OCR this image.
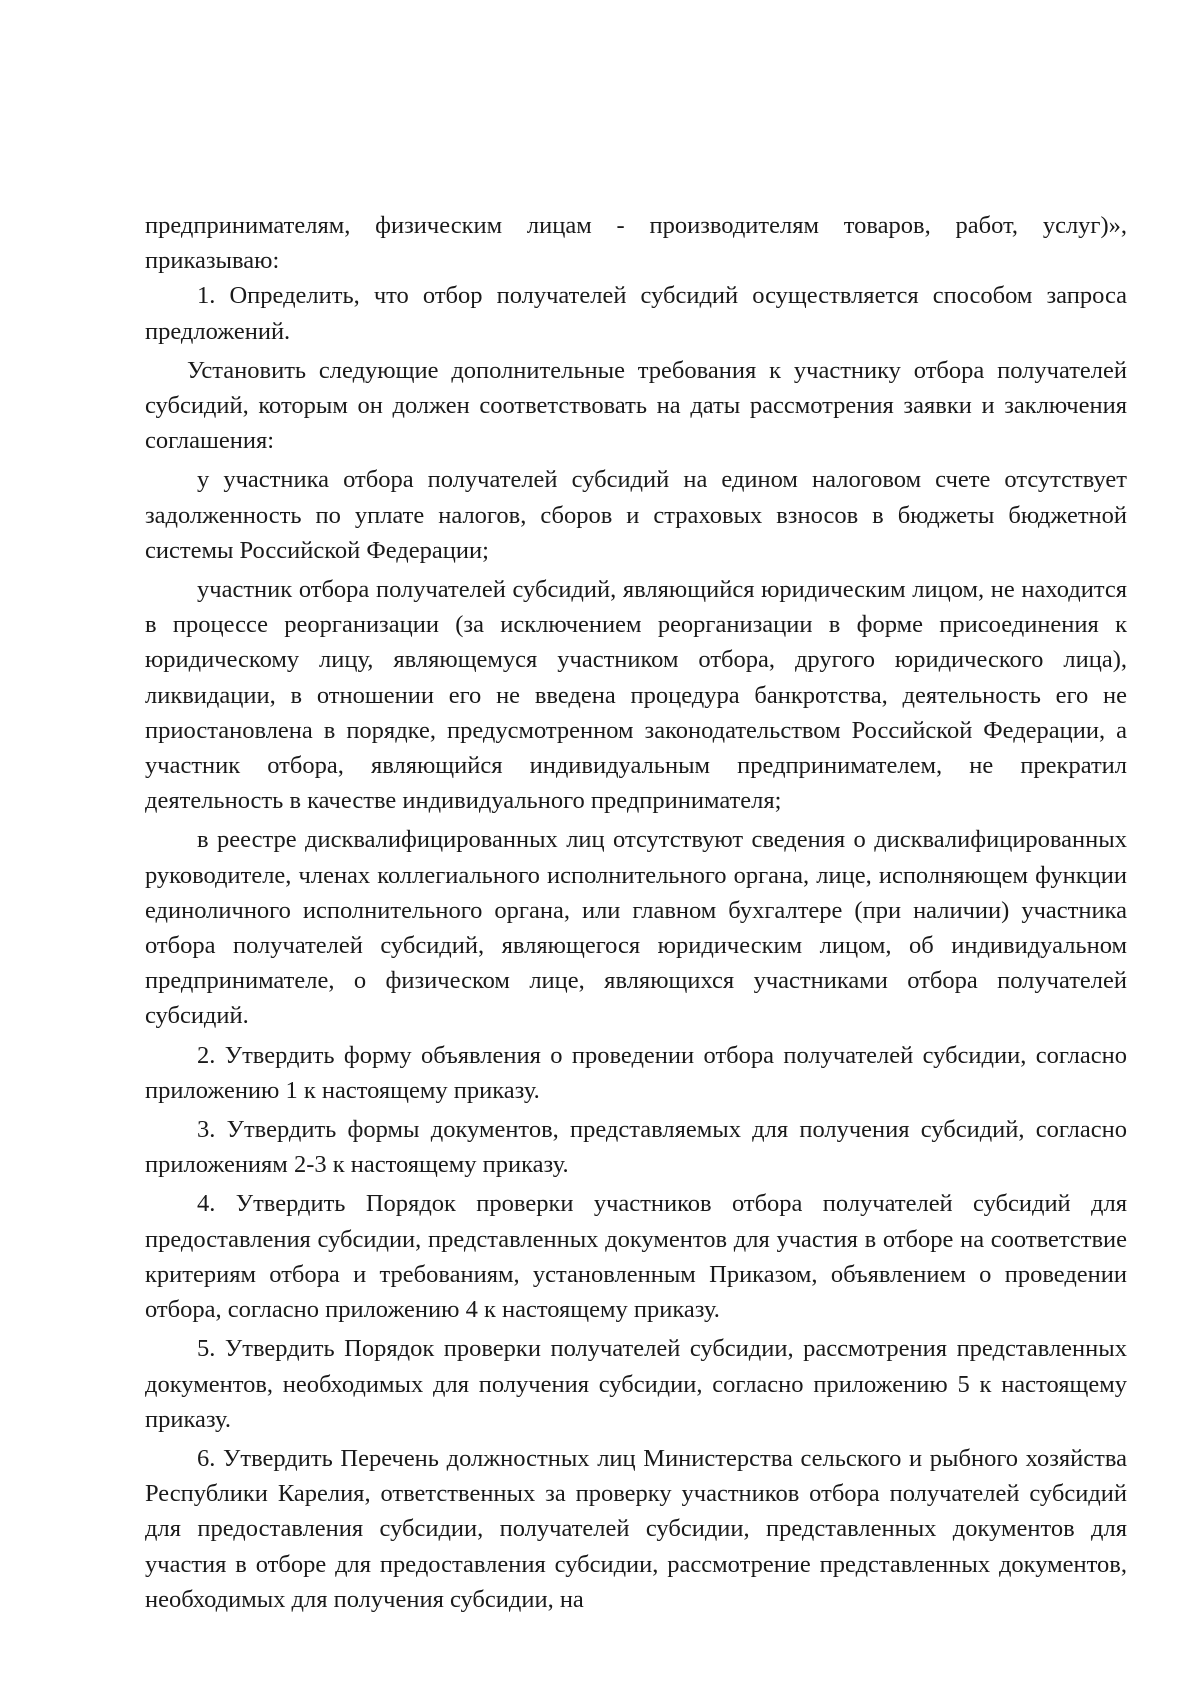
предпринимателям, физическим лицам - производителям товаров, работ, услуг)», приказываю:

1. Определить, что отбор получателей субсидий осуществляется способом запроса предложений.

Установить следующие дополнительные требования к участнику отбора получателей субсидий, которым он должен соответствовать на даты рассмотрения заявки и заключения соглашения:

у участника отбора получателей субсидий на едином налоговом счете отсутствует задолженность по уплате налогов, сборов и страховых взносов в бюджеты бюджетной системы Российской Федерации;

участник отбора получателей субсидий, являющийся юридическим лицом, не находится в процессе реорганизации (за исключением реорганизации в форме присоединения к юридическому лицу, являющемуся участником отбора, другого юридического лица), ликвидации, в отношении его не введена процедура банкротства, деятельность его не приостановлена в порядке, предусмотренном законодательством Российской Федерации, а участник отбора, являющийся индивидуальным предпринимателем, не прекратил деятельность в качестве индивидуального предпринимателя;

в реестре дисквалифицированных лиц отсутствуют сведения о дисквалифицированных руководителе, членах коллегиального исполнительного органа, лице, исполняющем функции единоличного исполнительного органа, или главном бухгалтере (при наличии) участника отбора получателей субсидий, являющегося юридическим лицом, об индивидуальном предпринимателе, о физическом лице, являющихся участниками отбора получателей субсидий.

2. Утвердить форму объявления о проведении отбора получателей субсидии, согласно приложению 1 к настоящему приказу.

3. Утвердить формы документов, представляемых для получения субсидий, согласно приложениям 2-3 к настоящему приказу.

4. Утвердить Порядок проверки участников отбора получателей субсидий для предоставления субсидии, представленных документов для участия в отборе на соответствие критериям отбора и требованиям, установленным Приказом, объявлением о проведении отбора, согласно приложению 4 к настоящему приказу.

5. Утвердить Порядок проверки получателей субсидии, рассмотрения представленных документов, необходимых для получения субсидии, согласно приложению 5 к настоящему приказу.

6. Утвердить Перечень должностных лиц Министерства сельского и рыбного хозяйства Республики Карелия, ответственных за проверку участников отбора получателей субсидий для предоставления субсидии, получателей субсидии, представленных документов для участия в отборе для предоставления субсидии, рассмотрение представленных документов, необходимых для получения субсидии, на
